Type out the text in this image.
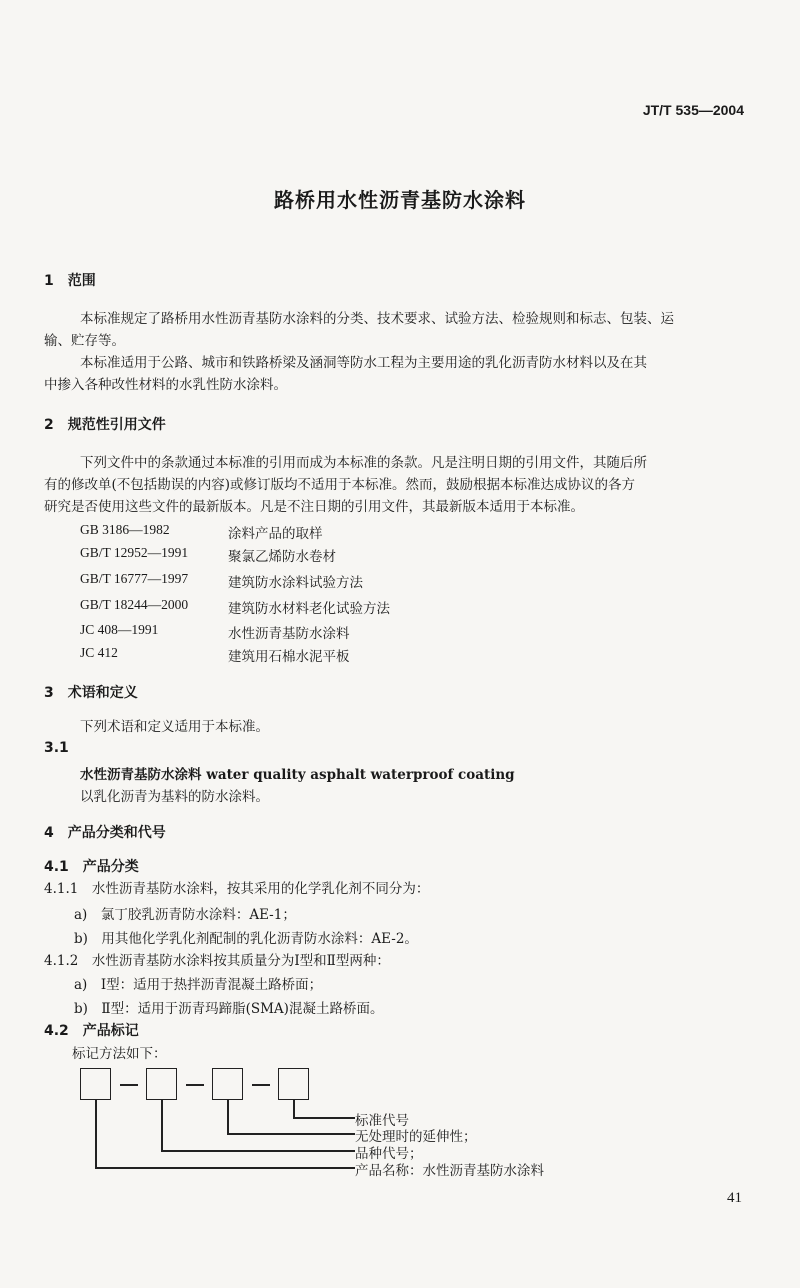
JT/T 535—2004
路桥用水性沥青基防水涂料
1　范围
本标准规定了路桥用水性沥青基防水涂料的分类、技术要求、试验方法、检验规则和标志、包装、运
输、贮存等。
本标准适用于公路、城市和铁路桥梁及涵洞等防水工程为主要用途的乳化沥青防水材料以及在其
中掺入各种改性材料的水乳性防水涂料。
2　规范性引用文件
下列文件中的条款通过本标准的引用而成为本标准的条款。凡是注明日期的引用文件，其随后所
有的修改单(不包括勘误的内容)或修订版均不适用于本标准。然而，鼓励根据本标准达成协议的各方
研究是否使用这些文件的最新版本。凡是不注日期的引用文件，其最新版本适用于本标准。
GB 3186—1982	涂料产品的取样
GB/T 12952—1991	聚氯乙烯防水卷材
GB/T 16777—1997	建筑防水涂料试验方法
GB/T 18244—2000	建筑防水材料老化试验方法
JC 408—1991	水性沥青基防水涂料
JC 412	建筑用石棉水泥平板
3　术语和定义
下列术语和定义适用于本标准。
3.1
水性沥青基防水涂料 water quality asphalt waterproof coating
以乳化沥青为基料的防水涂料。
4　产品分类和代号
4.1　产品分类
4.1.1　水性沥青基防水涂料，按其采用的化学乳化剂不同分为：
a)　氯丁胶乳沥青防水涂料：AE-1；
b)　用其他化学乳化剂配制的乳化沥青防水涂料：AE-2。
4.1.2　水性沥青基防水涂料按其质量分为Ⅰ型和Ⅱ型两种：
a)　Ⅰ型：适用于热拌沥青混凝土路桥面；
b)　Ⅱ型：适用于沥青玛蹄脂(SMA)混凝土路桥面。
4.2　产品标记
标记方法如下：
标准代号
无处理时的延伸性；
品种代号；
产品名称：水性沥青基防水涂料
41
